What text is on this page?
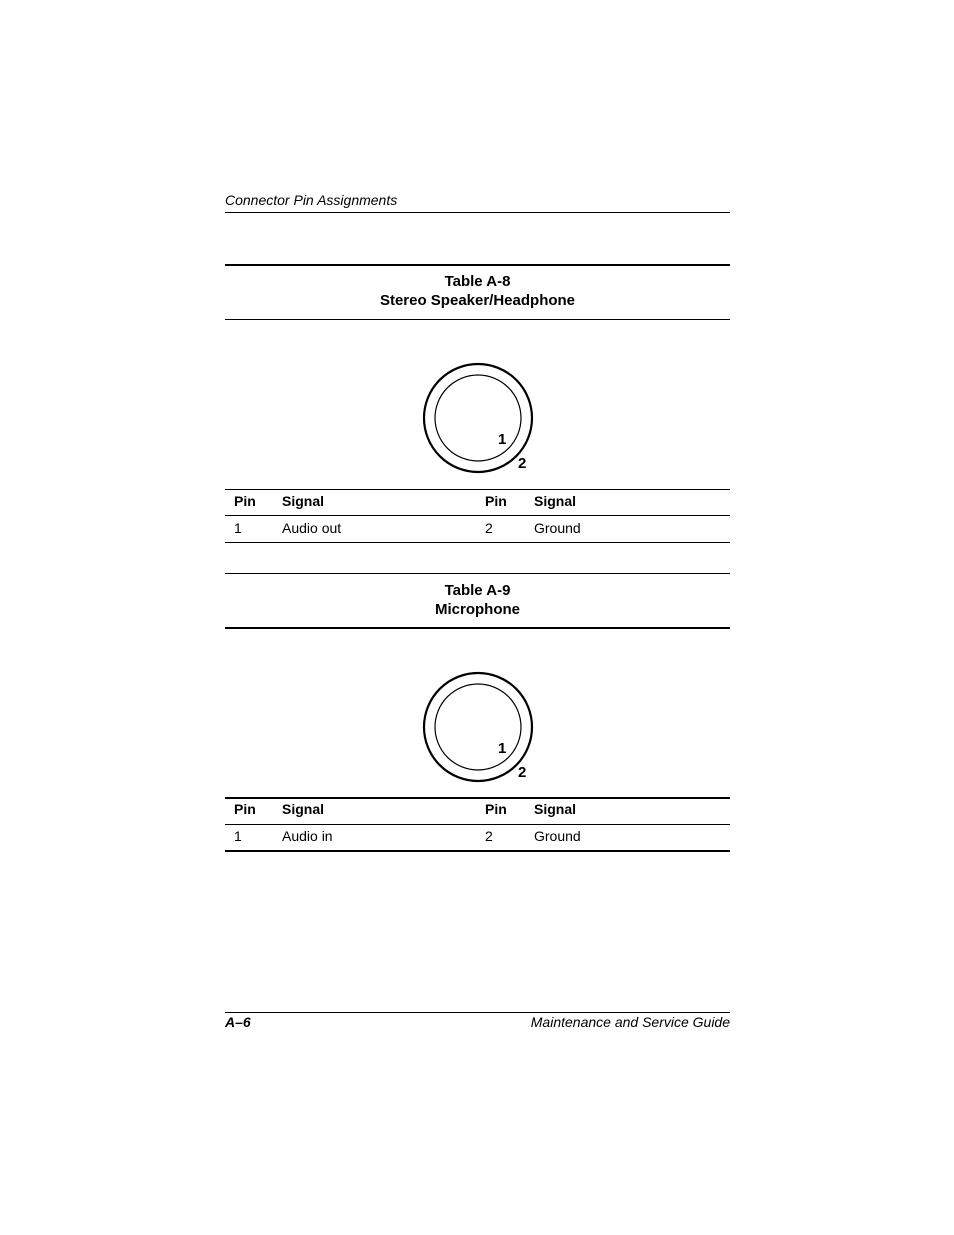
Connector Pin Assignments
Table A-8
Stereo Speaker/Headphone
1
2
Pin Signal	Pin Signal
1	Audio out	2	Ground
Table A-9
Microphone
1
2
Pin Signal	Pin Signal
1	Audio in	2	Ground
A–6	Maintenance and Service Guide
